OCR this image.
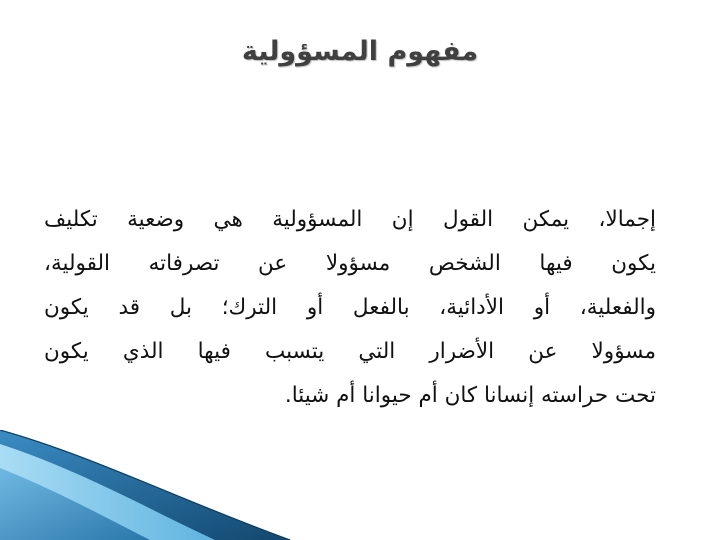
مفهوم المسؤولية
إجمالا، يمكن القول إن المسؤولية هي وضعية تكليف
يكون فيها الشخص مسؤولا عن تصرفاته القولية،
والفعلية، أو الأدائية، بالفعل أو الترك؛ بل قد يكون
مسؤولا عن الأضرار التي يتسبب فيها الذي يكون
تحت حراسته إنسانا كان أم حيوانا أم شيئا.
